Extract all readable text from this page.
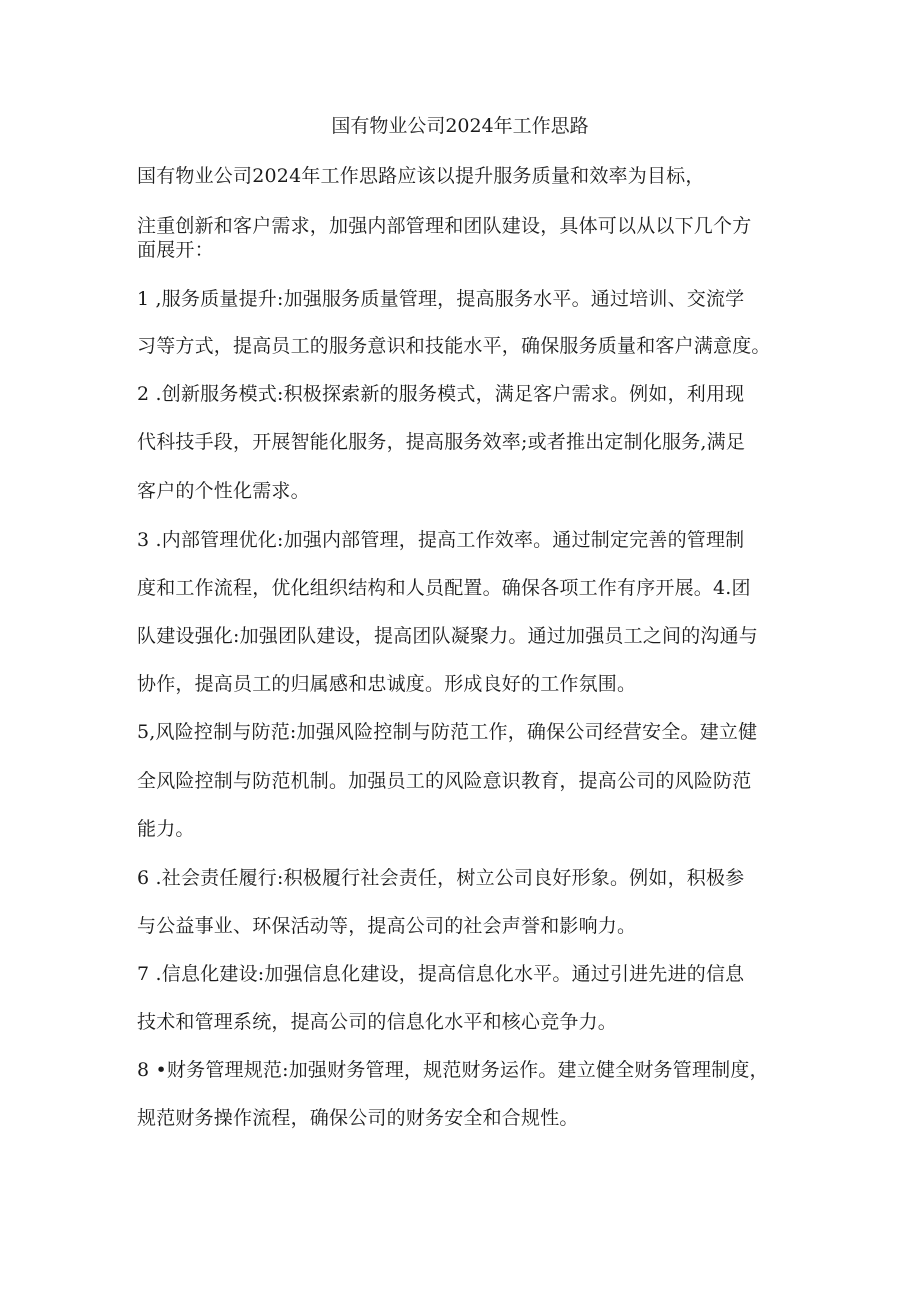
国有物业公司2024年工作思路
国有物业公司2024年工作思路应该以提升服务质量和效率为目标，
注重创新和客户需求，加强内部管理和团队建设，具体可以从以下几个方
面展开：
1 ,服务质量提升:加强服务质量管理，提高服务水平。通过培训、交流学
习等方式，提高员工的服务意识和技能水平，确保服务质量和客户满意度。
2 .创新服务模式:积极探索新的服务模式，满足客户需求。例如，利用现
代科技手段，开展智能化服务，提高服务效率;或者推出定制化服务,满足
客户的个性化需求。
3 .内部管理优化:加强内部管理，提高工作效率。通过制定完善的管理制
度和工作流程，优化组织结构和人员配置。确保各项工作有序开展。4.团
队建设强化:加强团队建设，提高团队凝聚力。通过加强员工之间的沟通与
协作，提高员工的归属感和忠诚度。形成良好的工作氛围。
5,风险控制与防范:加强风险控制与防范工作，确保公司经营安全。建立健
全风险控制与防范机制。加强员工的风险意识教育，提高公司的风险防范
能力。
6 .社会责任履行:积极履行社会责任，树立公司良好形象。例如，积极参
与公益事业、环保活动等，提高公司的社会声誉和影响力。
7 .信息化建设:加强信息化建设，提高信息化水平。通过引进先进的信息
技术和管理系统，提高公司的信息化水平和核心竞争力。
8 •财务管理规范:加强财务管理，规范财务运作。建立健全财务管理制度，
规范财务操作流程，确保公司的财务安全和合规性。
